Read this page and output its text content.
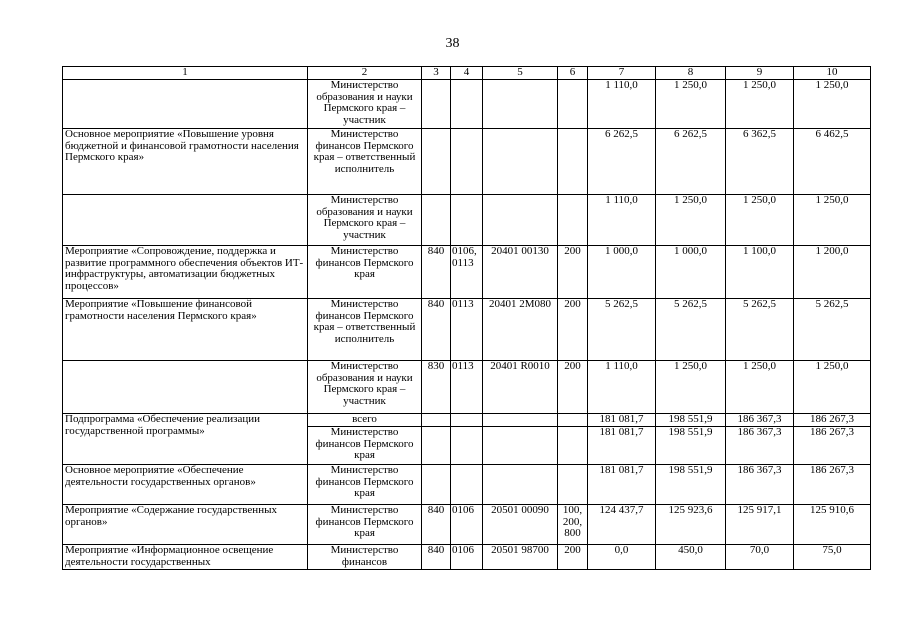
38
1	2	3	4	5	6	7	8	9	10
	Министерство образования и науки Пермского края – участник					1 110,0	1 250,0	1 250,0	1 250,0
Основное мероприятие «Повышение уровня бюджетной и финансовой грамотности населения Пермского края»	Министерство финансов Пермского края – ответственный исполнитель					6 262,5	6 262,5	6 362,5	6 462,5
	Министерство образования и науки Пермского края – участник					1 110,0	1 250,0	1 250,0	1 250,0
Мероприятие «Сопровождение, поддержка и развитие программного обеспечения объектов ИТ-инфраструктуры, автоматизации бюджетных процессов»	Министерство финансов Пермского края	840	0106, 0113	20401 00130	200	1 000,0	1 000,0	1 100,0	1 200,0
Мероприятие «Повышение финансовой грамотности населения Пермского края»	Министерство финансов Пермского края – ответственный исполнитель	840	0113	20401 2М080	200	5 262,5	5 262,5	5 262,5	5 262,5
	Министерство образования и науки Пермского края – участник	830	0113	20401 R0010	200	1 110,0	1 250,0	1 250,0	1 250,0
Подпрограмма «Обеспечение реализации государственной программы»	всего					181 081,7	198 551,9	186 367,3	186 267,3
	Министерство финансов Пермского края					181 081,7	198 551,9	186 367,3	186 267,3
Основное мероприятие «Обеспечение деятельности государственных органов»	Министерство финансов Пермского края					181 081,7	198 551,9	186 367,3	186 267,3
Мероприятие «Содержание государственных органов»	Министерство финансов Пермского края	840	0106	20501 00090	100, 200, 800	124 437,7	125 923,6	125 917,1	125 910,6
Мероприятие «Информационное освещение деятельности государственных	Министерство финансов	840	0106	20501 98700	200	0,0	450,0	70,0	75,0
